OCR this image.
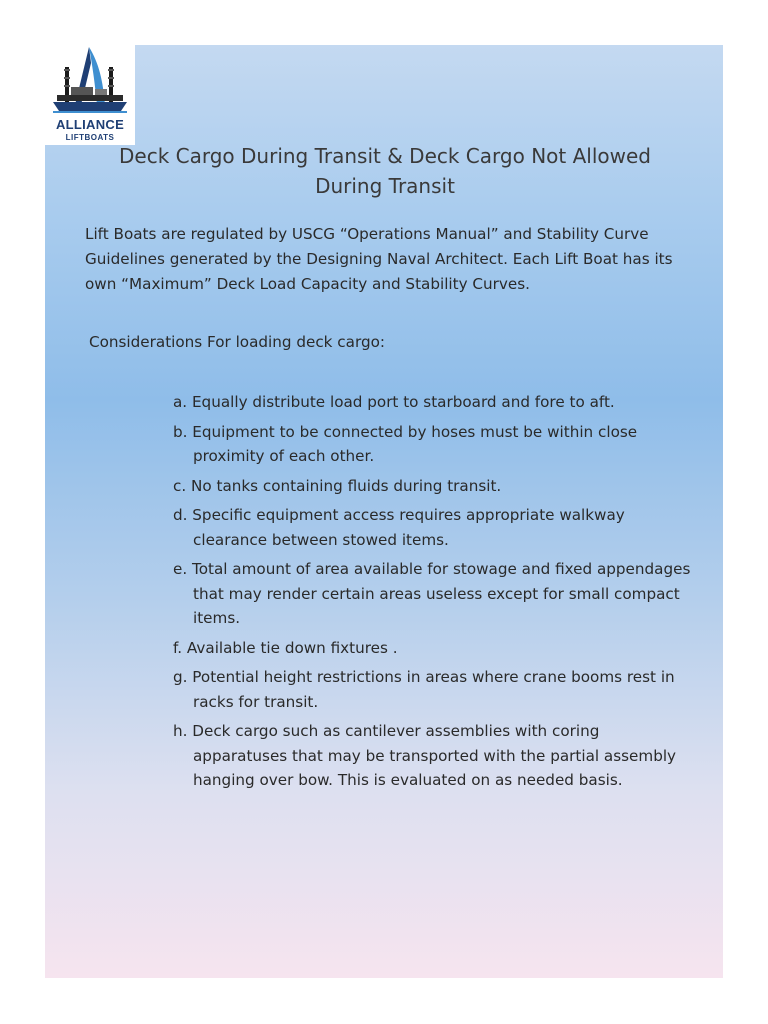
ALLIANCE
LIFTBOATS
Deck Cargo During Transit & Deck Cargo Not Allowed During Transit
Lift Boats are regulated by USCG “Operations Manual” and Stability Curve Guidelines generated by the Designing Naval Architect. Each Lift Boat has its own “Maximum” Deck Load Capacity and Stability Curves.
Considerations For loading deck cargo:
a. Equally distribute load port to starboard and fore to aft.
b. Equipment to be connected by hoses must be within close proximity of each other.
c. No tanks containing fluids during transit.
d. Specific equipment access requires appropriate walkway clearance between stowed items.
e. Total amount of area available for stowage and fixed appendages that may render certain areas useless except for small compact items.
f. Available tie down fixtures .
g. Potential height restrictions in areas where crane booms rest in racks for transit.
h. Deck cargo such as cantilever assemblies with coring apparatuses that may be transported with the partial assembly hanging over bow. This is evaluated on as needed basis.
